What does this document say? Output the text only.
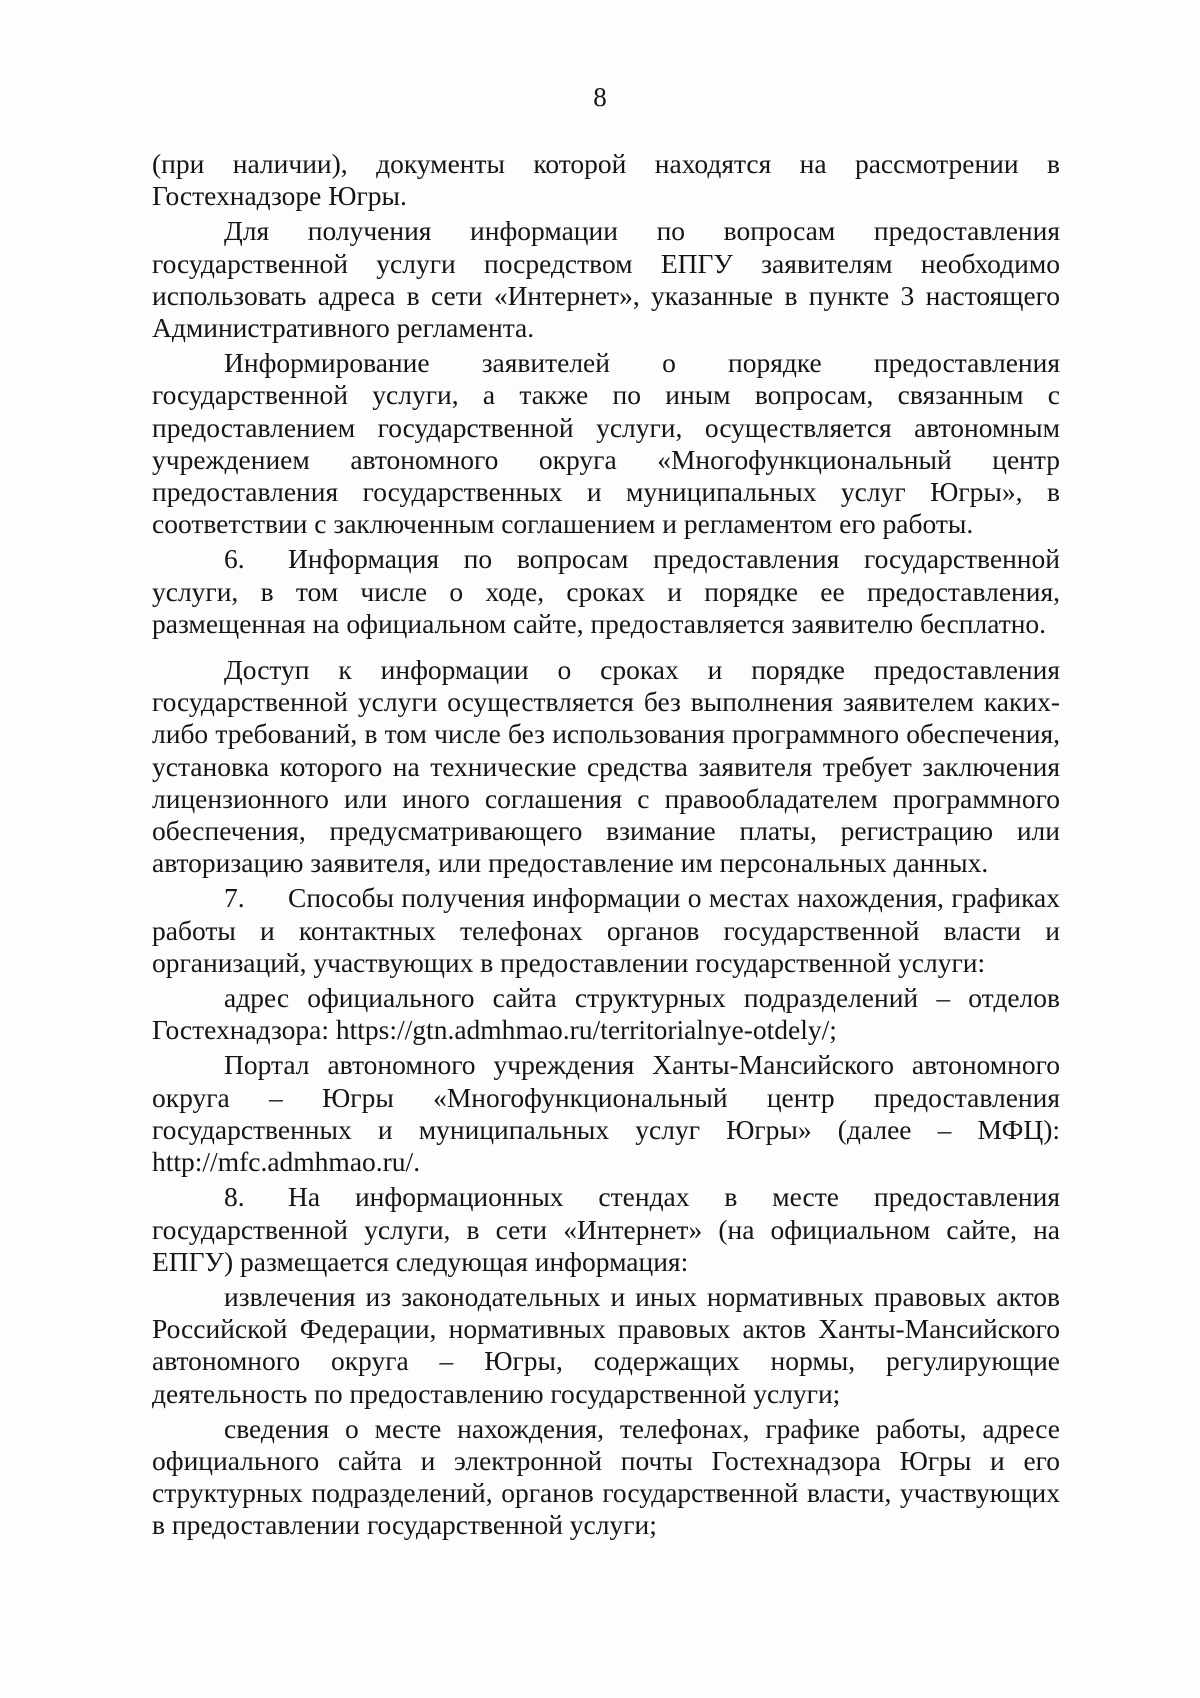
8

(при наличии), документы которой находятся на рассмотрении в Гостехнадзоре Югры.

Для получения информации по вопросам предоставления государственной услуги посредством ЕПГУ заявителям необходимо использовать адреса в сети «Интернет», указанные в пункте 3 настоящего Административного регламента.

Информирование заявителей о порядке предоставления государственной услуги, а также по иным вопросам, связанным с предоставлением государственной услуги, осуществляется автономным учреждением автономного округа «Многофункциональный центр предоставления государственных и муниципальных услуг Югры», в соответствии с заключенным соглашением и регламентом его работы.

6. Информация по вопросам предоставления государственной услуги, в том числе о ходе, сроках и порядке ее предоставления, размещенная на официальном сайте, предоставляется заявителю бесплатно.

Доступ к информации о сроках и порядке предоставления государственной услуги осуществляется без выполнения заявителем каких-либо требований, в том числе без использования программного обеспечения, установка которого на технические средства заявителя требует заключения лицензионного или иного соглашения с правообладателем программного обеспечения, предусматривающего взимание платы, регистрацию или авторизацию заявителя, или предоставление им персональных данных.

7. Способы получения информации о местах нахождения, графиках работы и контактных телефонах органов государственной власти и организаций, участвующих в предоставлении государственной услуги:

адрес официального сайта структурных подразделений – отделов Гостехнадзора: https://gtn.admhmao.ru/territorialnye-otdely/;

Портал автономного учреждения Ханты-Мансийского автономного округа – Югры «Многофункциональный центр предоставления государственных и муниципальных услуг Югры» (далее – МФЦ): http://mfc.admhmao.ru/.

8. На информационных стендах в месте предоставления государственной услуги, в сети «Интернет» (на официальном сайте, на ЕПГУ) размещается следующая информация:

извлечения из законодательных и иных нормативных правовых актов Российской Федерации, нормативных правовых актов Ханты-Мансийского автономного округа – Югры, содержащих нормы, регулирующие деятельность по предоставлению государственной услуги;

сведения о месте нахождения, телефонах, графике работы, адресе официального сайта и электронной почты Гостехнадзора Югры и его структурных подразделений, органов государственной власти, участвующих в предоставлении государственной услуги;
